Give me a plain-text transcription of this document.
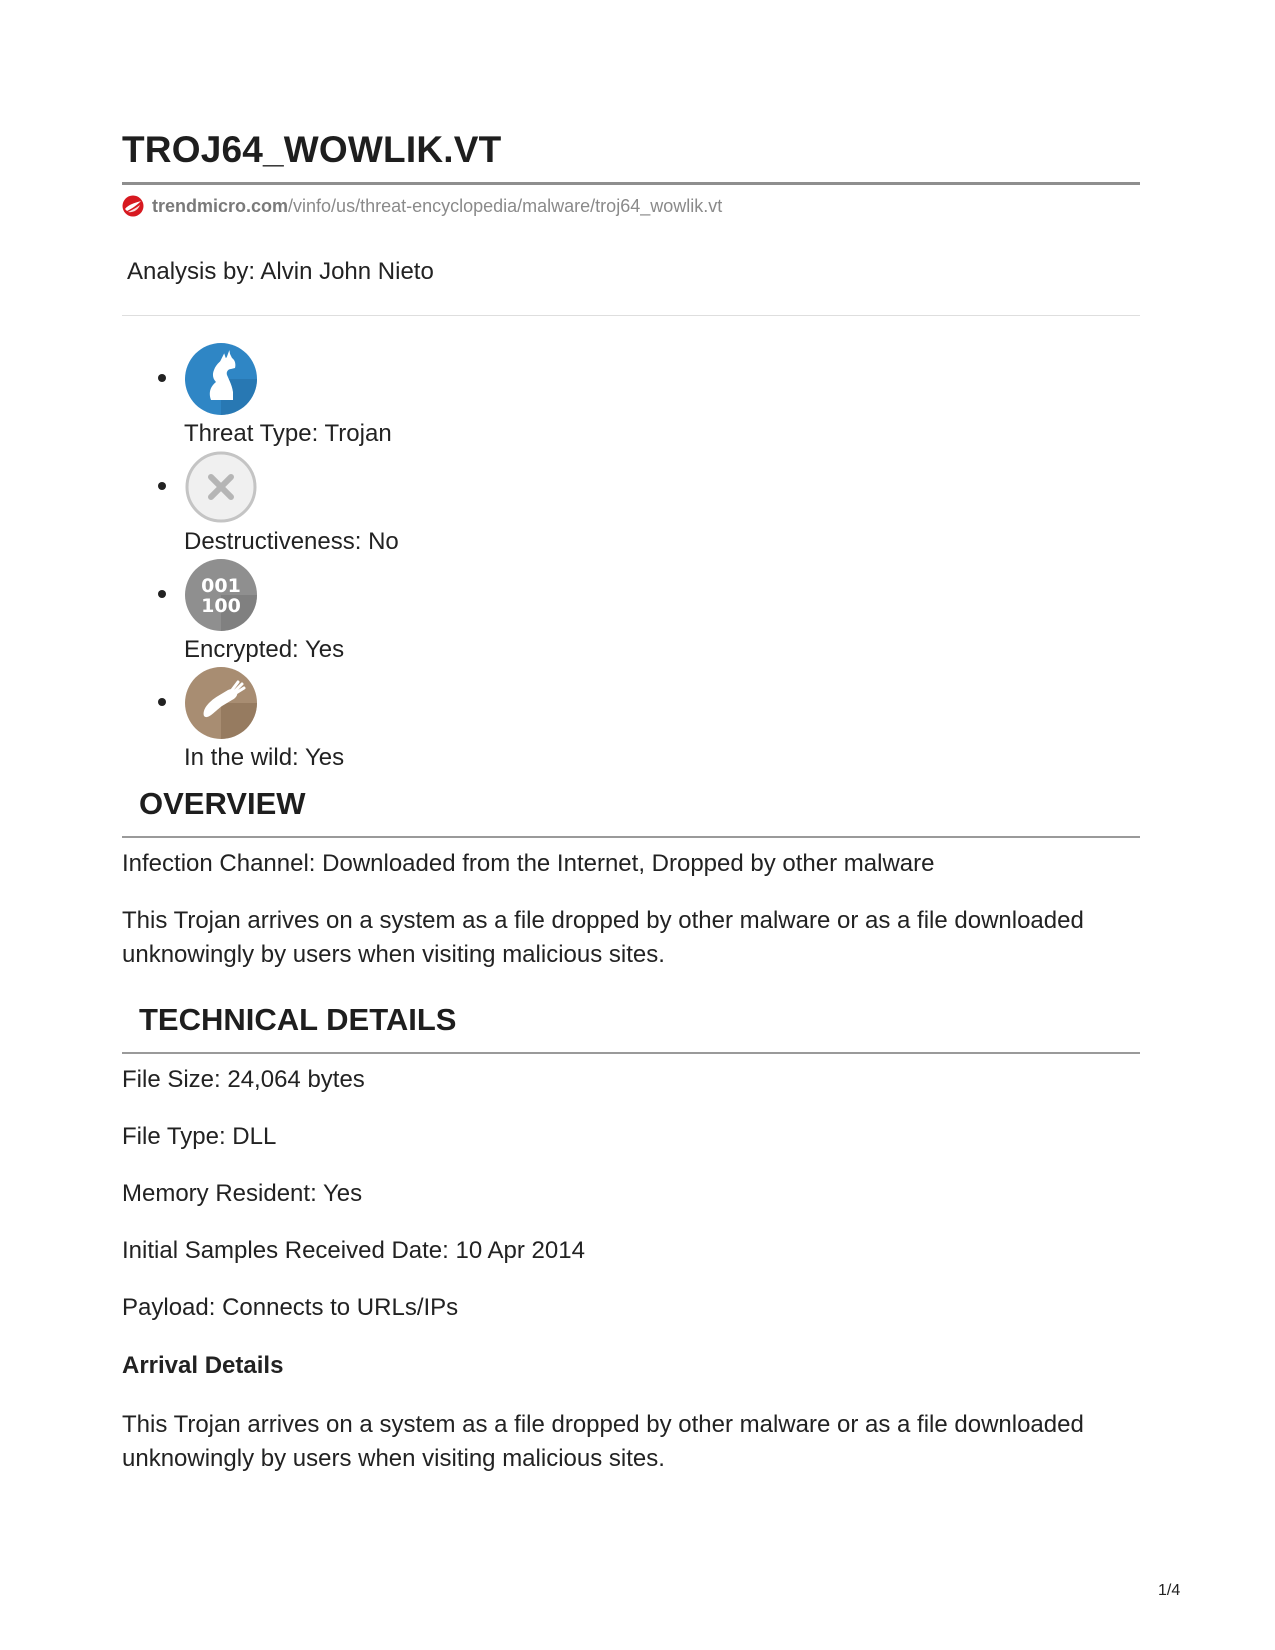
TROJ64_WOWLIK.VT
trendmicro.com /vinfo/us/threat-encyclopedia/malware/troj64_wowlik.vt
Analysis by: Alvin John Nieto
Threat Type: Trojan
Destructiveness: No
001
100
Encrypted: Yes
In the wild: Yes
OVERVIEW

Infection Channel: Downloaded from the Internet, Dropped by other malware

This Trojan arrives on a system as a file dropped by other malware or as a file downloaded unknowingly by users when visiting malicious sites.

TECHNICAL DETAILS

File Size: 24,064 bytes

File Type: DLL

Memory Resident: Yes

Initial Samples Received Date: 10 Apr 2014

Payload: Connects to URLs/IPs

Arrival Details

This Trojan arrives on a system as a file dropped by other malware or as a file downloaded unknowingly by users when visiting malicious sites.

1/4
